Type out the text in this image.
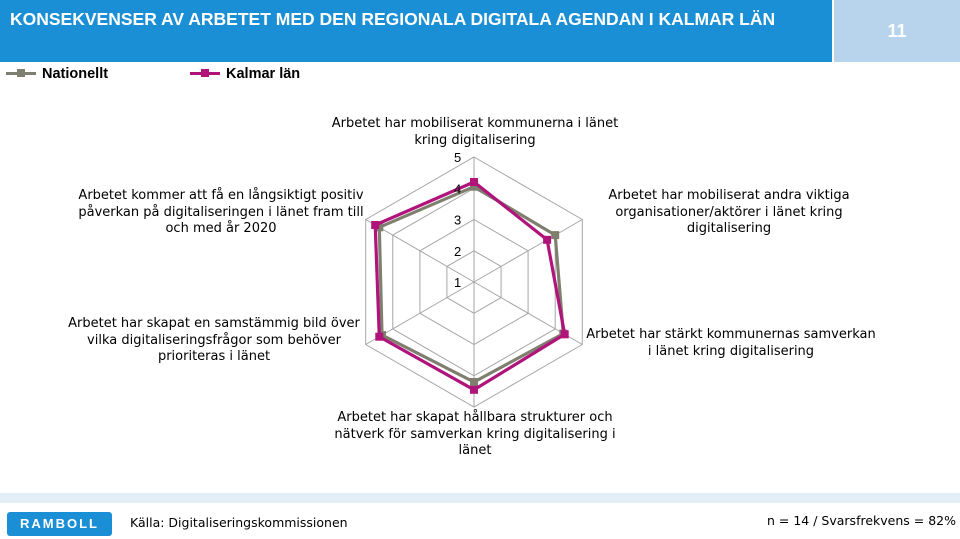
KONSEKVENSER AV ARBETET MED DEN REGIONALA DIGITALA AGENDAN I KALMAR LÄN
11
Nationellt	Kalmar län
1
2
3
4
5
Arbetet har mobiliserat kommunerna i länet kring digitalisering
Arbetet har mobiliserat andra viktiga organisationer/aktörer i länet kring digitalisering
Arbetet har stärkt kommunernas samverkan i länet kring digitalisering
Arbetet har skapat hållbara strukturer och nätverk för samverkan kring digitalisering i länet
Arbetet har skapat en samstämmig bild över vilka digitaliseringsfrågor som behöver prioriteras i länet
Arbetet kommer att få en långsiktigt positiv påverkan på digitaliseringen i länet fram till och med år 2020
RAMBOLL	Källa: Digitaliseringskommissionen	n = 14 / Svarsfrekvens = 82%
